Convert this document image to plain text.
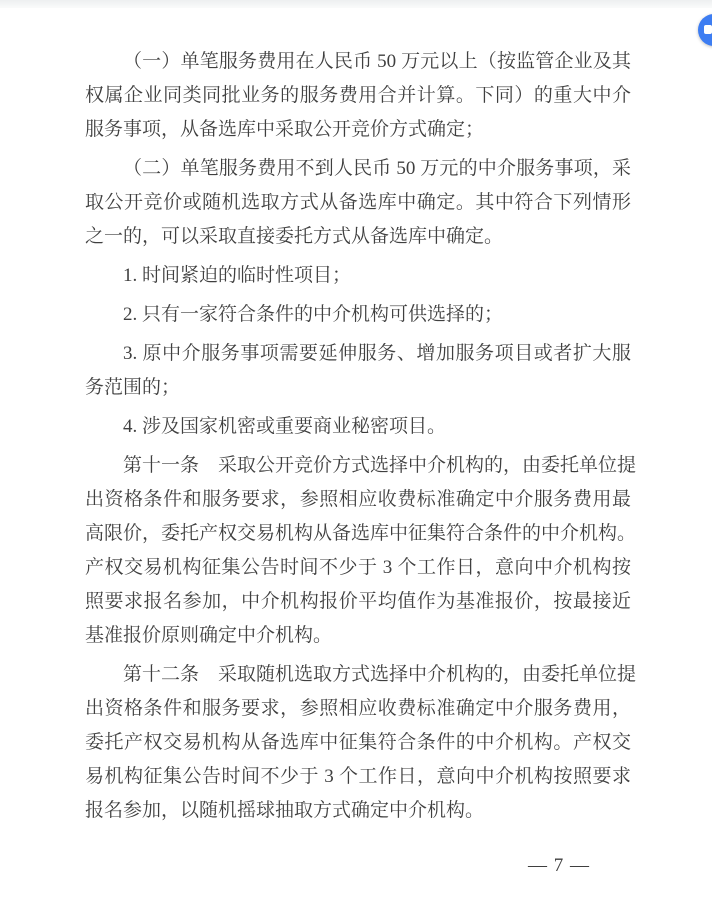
（一）单笔服务费用在人民币 50 万元以上（按监管企业及其
权属企业同类同批业务的服务费用合并计算。下同）的重大中介
服务事项，从备选库中采取公开竞价方式确定；
（二）单笔服务费用不到人民币 50 万元的中介服务事项，采
取公开竞价或随机选取方式从备选库中确定。其中符合下列情形
之一的，可以采取直接委托方式从备选库中确定。
1. 时间紧迫的临时性项目；
2. 只有一家符合条件的中介机构可供选择的；
3. 原中介服务事项需要延伸服务、增加服务项目或者扩大服
务范围的；
4. 涉及国家机密或重要商业秘密项目。
第十一条　采取公开竞价方式选择中介机构的，由委托单位提
出资格条件和服务要求，参照相应收费标准确定中介服务费用最
高限价，委托产权交易机构从备选库中征集符合条件的中介机构。
产权交易机构征集公告时间不少于 3 个工作日，意向中介机构按
照要求报名参加，中介机构报价平均值作为基准报价，按最接近
基准报价原则确定中介机构。
第十二条　采取随机选取方式选择中介机构的，由委托单位提
出资格条件和服务要求，参照相应收费标准确定中介服务费用，
委托产权交易机构从备选库中征集符合条件的中介机构。产权交
易机构征集公告时间不少于 3 个工作日，意向中介机构按照要求
报名参加，以随机摇球抽取方式确定中介机构。
— 7 —
